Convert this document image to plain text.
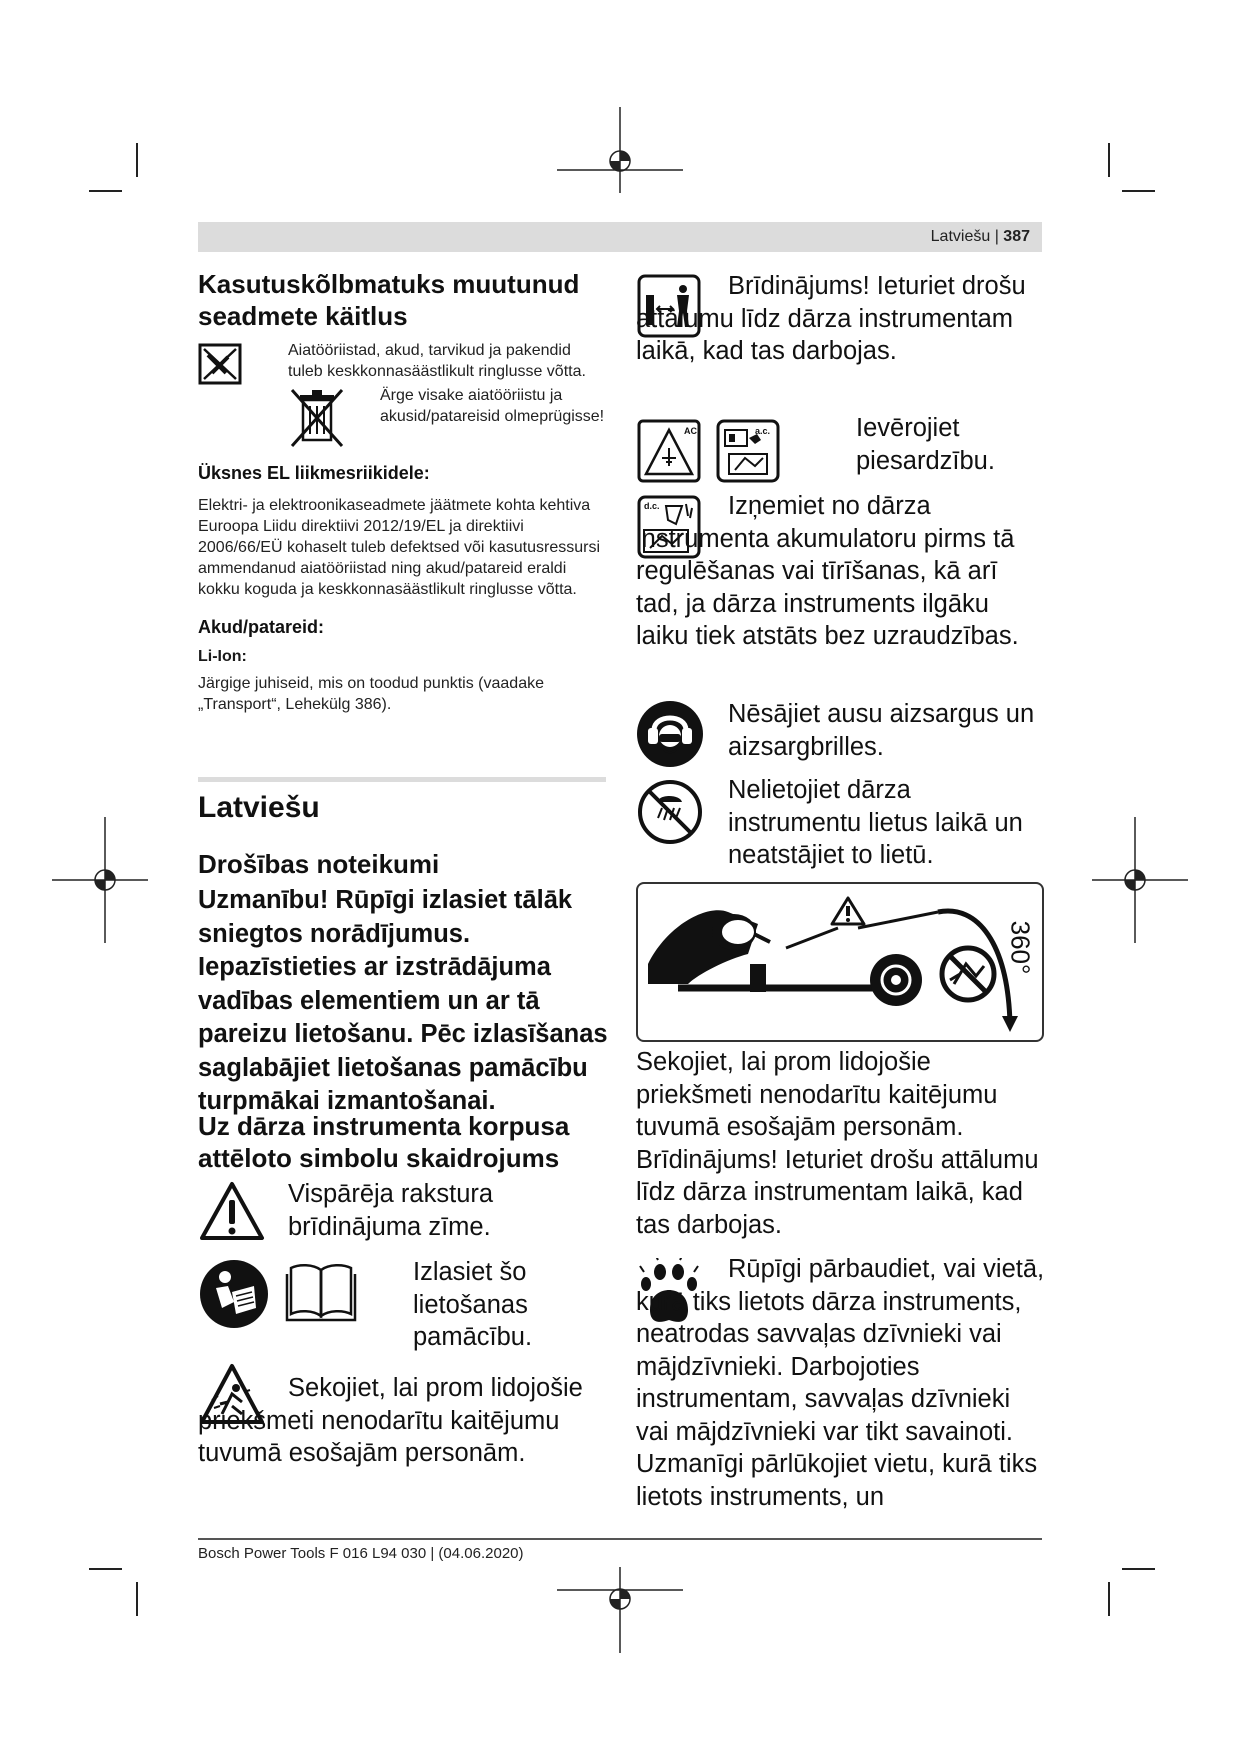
Latviešu | 387
Kasutuskõlbmatuks muutunud seadmete käitlus

Aiatööriistad, akud, tarvikud ja pakendid tuleb keskkonnasäästlikult ringlusse võtta.

Ärge visake aiatööriistu ja akusid/patareisid olmeprügisse!

Üksnes EL liikmesriikidele:

Elektri- ja elektroonikaseadmete jäätmete kohta kehtiva Euroopa Liidu direktiivi 2012/19/EL ja direktiivi 2006/66/EÜ kohaselt tuleb defektsed või kasutusressursi ammendanud aiatööriistad ning akud/patareid eraldi kokku koguda ja keskkonnasäästlikult ringlusse võtta.

Akud/patareid:

Li-Ion:

Järgige juhiseid, mis on toodud punktis (vaadake „Transport“, Lehekülg 386).

Latviešu
Drošības noteikumi

Uzmanību! Rūpīgi izlasiet tālāk sniegtos norādījumus. Iepazīstieties ar izstrādājuma vadības elementiem un ar tā pareizu lietošanu. Pēc izlasīšanas saglabājiet lietošanas pamācību turpmākai izmantošanai.

Uz dārza instrumenta korpusa attēloto simbolu skaidrojums

Vispārēja rakstura brīdinājuma zīme.

Izlasiet šo lietošanas pamācību.

Sekojiet, lai prom lidojošie priekšmeti nenodarītu kaitējumu tuvumā esošajām personām.

Brīdinājums! Ieturiet drošu attālumu līdz dārza instrumentam laikā, kad tas darbojas.

AC	a.c.	Ievērojiet piesardzību.

d.c.	Izņemiet no dārza instrumenta akumulatoru pirms tā regulēšanas vai tīrīšanas, kā arī tad, ja dārza instruments ilgāku laiku tiek atstāts bez uzraudzības.

Nēsājiet ausu aizsargus un aizsargbrilles.

Nelietojiet dārza instrumentu lietus laikā un neatstājiet to lietū.

360°

Sekojiet, lai prom lidojošie priekšmeti nenodarītu kaitējumu tuvumā esošajām personām. Brīdinājums! Ieturiet drošu attālumu līdz dārza instrumentam laikā, kad tas darbojas.

Rūpīgi pārbaudiet, vai vietā, kurā tiks lietots dārza instruments, neatrodas savvaļas dzīvnieki vai mājdzīvnieki. Darbojoties instrumentam, savvaļas dzīvnieki vai mājdzīvnieki var tikt savainoti. Uzmanīgi pārlūkojiet vietu, kurā tiks lietots instruments, un

Bosch Power Tools F 016 L94 030 | (04.06.2020)
